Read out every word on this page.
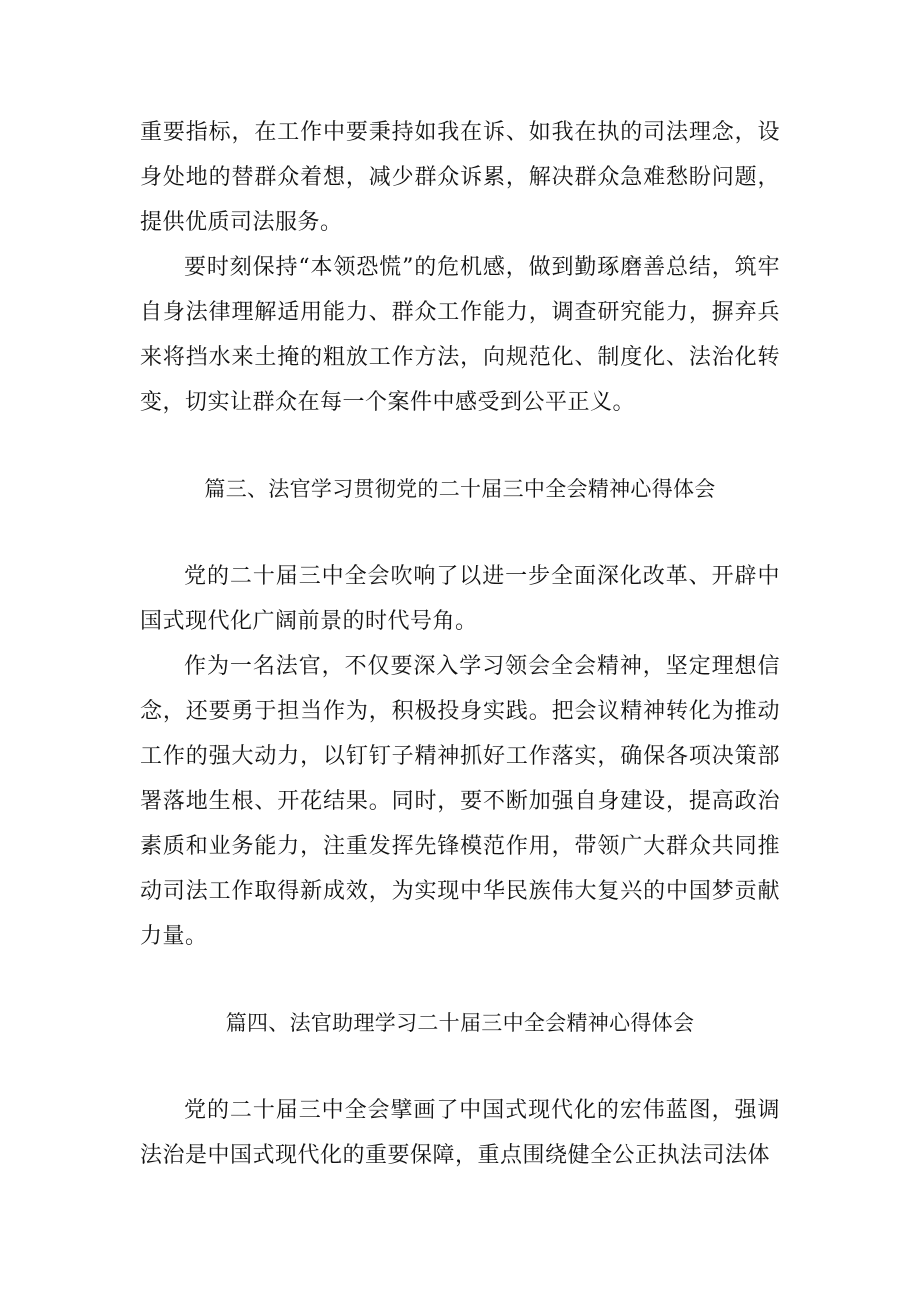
重要指标，在工作中要秉持如我在诉、如我在执的司法理念，设身处地的替群众着想，减少群众诉累，解决群众急难愁盼问题，提供优质司法服务。

要时刻保持“本领恐慌”的危机感，做到勤琢磨善总结，筑牢自身法律理解适用能力、群众工作能力，调查研究能力，摒弃兵来将挡水来土掩的粗放工作方法，向规范化、制度化、法治化转变，切实让群众在每一个案件中感受到公平正义。

篇三、法官学习贯彻党的二十届三中全会精神心得体会

党的二十届三中全会吹响了以进一步全面深化改革、开辟中国式现代化广阔前景的时代号角。

作为一名法官，不仅要深入学习领会全会精神，坚定理想信念，还要勇于担当作为，积极投身实践。把会议精神转化为推动工作的强大动力，以钉钉子精神抓好工作落实，确保各项决策部署落地生根、开花结果。同时，要不断加强自身建设，提高政治素质和业务能力，注重发挥先锋模范作用，带领广大群众共同推动司法工作取得新成效，为实现中华民族伟大复兴的中国梦贡献力量。

篇四、法官助理学习二十届三中全会精神心得体会

党的二十届三中全会擘画了中国式现代化的宏伟蓝图，强调法治是中国式现代化的重要保障，重点围绕健全公正执法司法体
